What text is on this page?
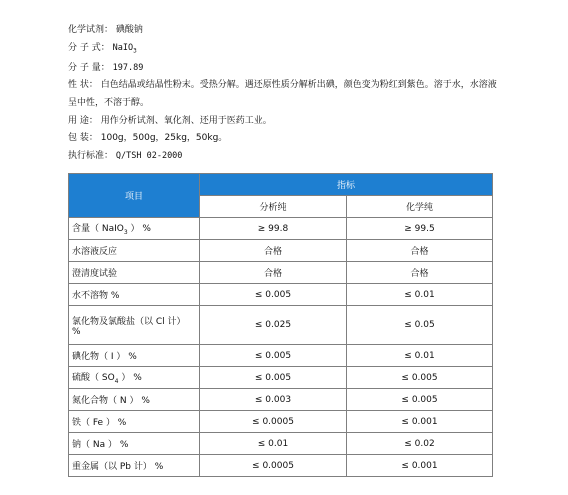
化学试剂： 碘酸钠
分 子 式： NaIO$_3$
分 子 量： 197.89
性 状： 白色结晶或结晶性粉末。受热分解。遇还原性质分解析出碘，颜色变为粉红到紫色。溶于水，水溶液呈中性，不溶于醇。
用 途： 用作分析试剂、氧化剂、还用于医药工业。
包 装： 100g，500g，25kg，50kg。
执行标准： Q/TSH 02-2000
项目	指标	
	分析纯	化学纯
含量（ NaIO$_3$ ） %	≥ 99.8	≥ 99.5
水溶液反应	合格	合格
澄清度试验	合格	合格
水不溶物 %	≤ 0.005	≤ 0.01
氯化物及氯酸盐（以 Cl 计） %	≤ 0.025	≤ 0.05
碘化物（ I ） %	≤ 0.005	≤ 0.01
硫酸（ $SO_4$ ） %	≤ 0.005	≤ 0.005
氮化合物（ N ） %	≤ 0.003	≤ 0.005
铁（ Fe ） %	≤ 0.0005	≤ 0.001
钠（ Na ） %	≤ 0.01	≤ 0.02
重金属（以 Pb 计） %	≤ 0.0005	≤ 0.001
